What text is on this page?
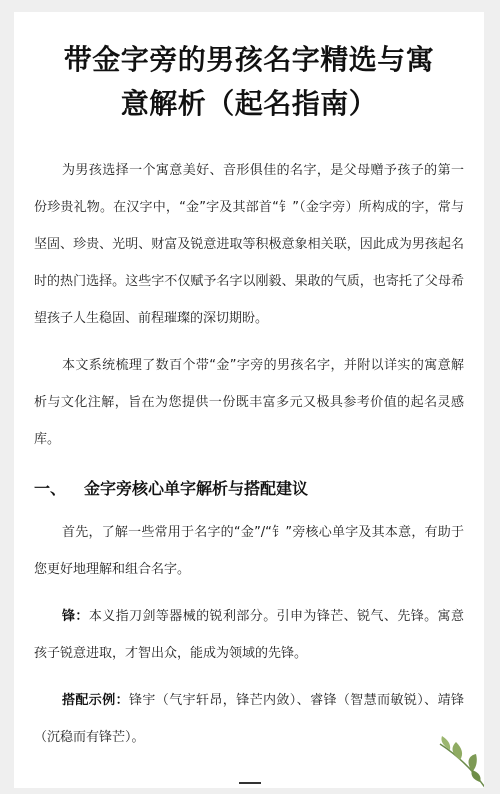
带金字旁的男孩名字精选与寓
意解析（起名指南）

为男孩选择一个寓意美好、音形俱佳的名字，是父母赠予孩子的第一份珍贵礼物。在汉字中，“金”字及其部首“钅”（金字旁）所构成的字，常与坚固、珍贵、光明、财富及锐意进取等积极意象相关联，因此成为男孩起名时的热门选择。这些字不仅赋予名字以刚毅、果敢的气质，也寄托了父母希望孩子人生稳固、前程璀璨的深切期盼。

本文系统梳理了数百个带“金”字旁的男孩名字，并附以详实的寓意解析与文化注解，旨在为您提供一份既丰富多元又极具参考价值的起名灵感库。

一、 金字旁核心单字解析与搭配建议

首先，了解一些常用于名字的“金”/“钅”旁核心单字及其本意，有助于您更好地理解和组合名字。

锋：本义指刀剑等器械的锐利部分。引申为锋芒、锐气、先锋。寓意孩子锐意进取，才智出众，能成为领域的先锋。

搭配示例：锋宇（气宇轩昂，锋芒内敛）、睿锋（智慧而敏锐）、靖锋（沉稳而有锋芒）。
